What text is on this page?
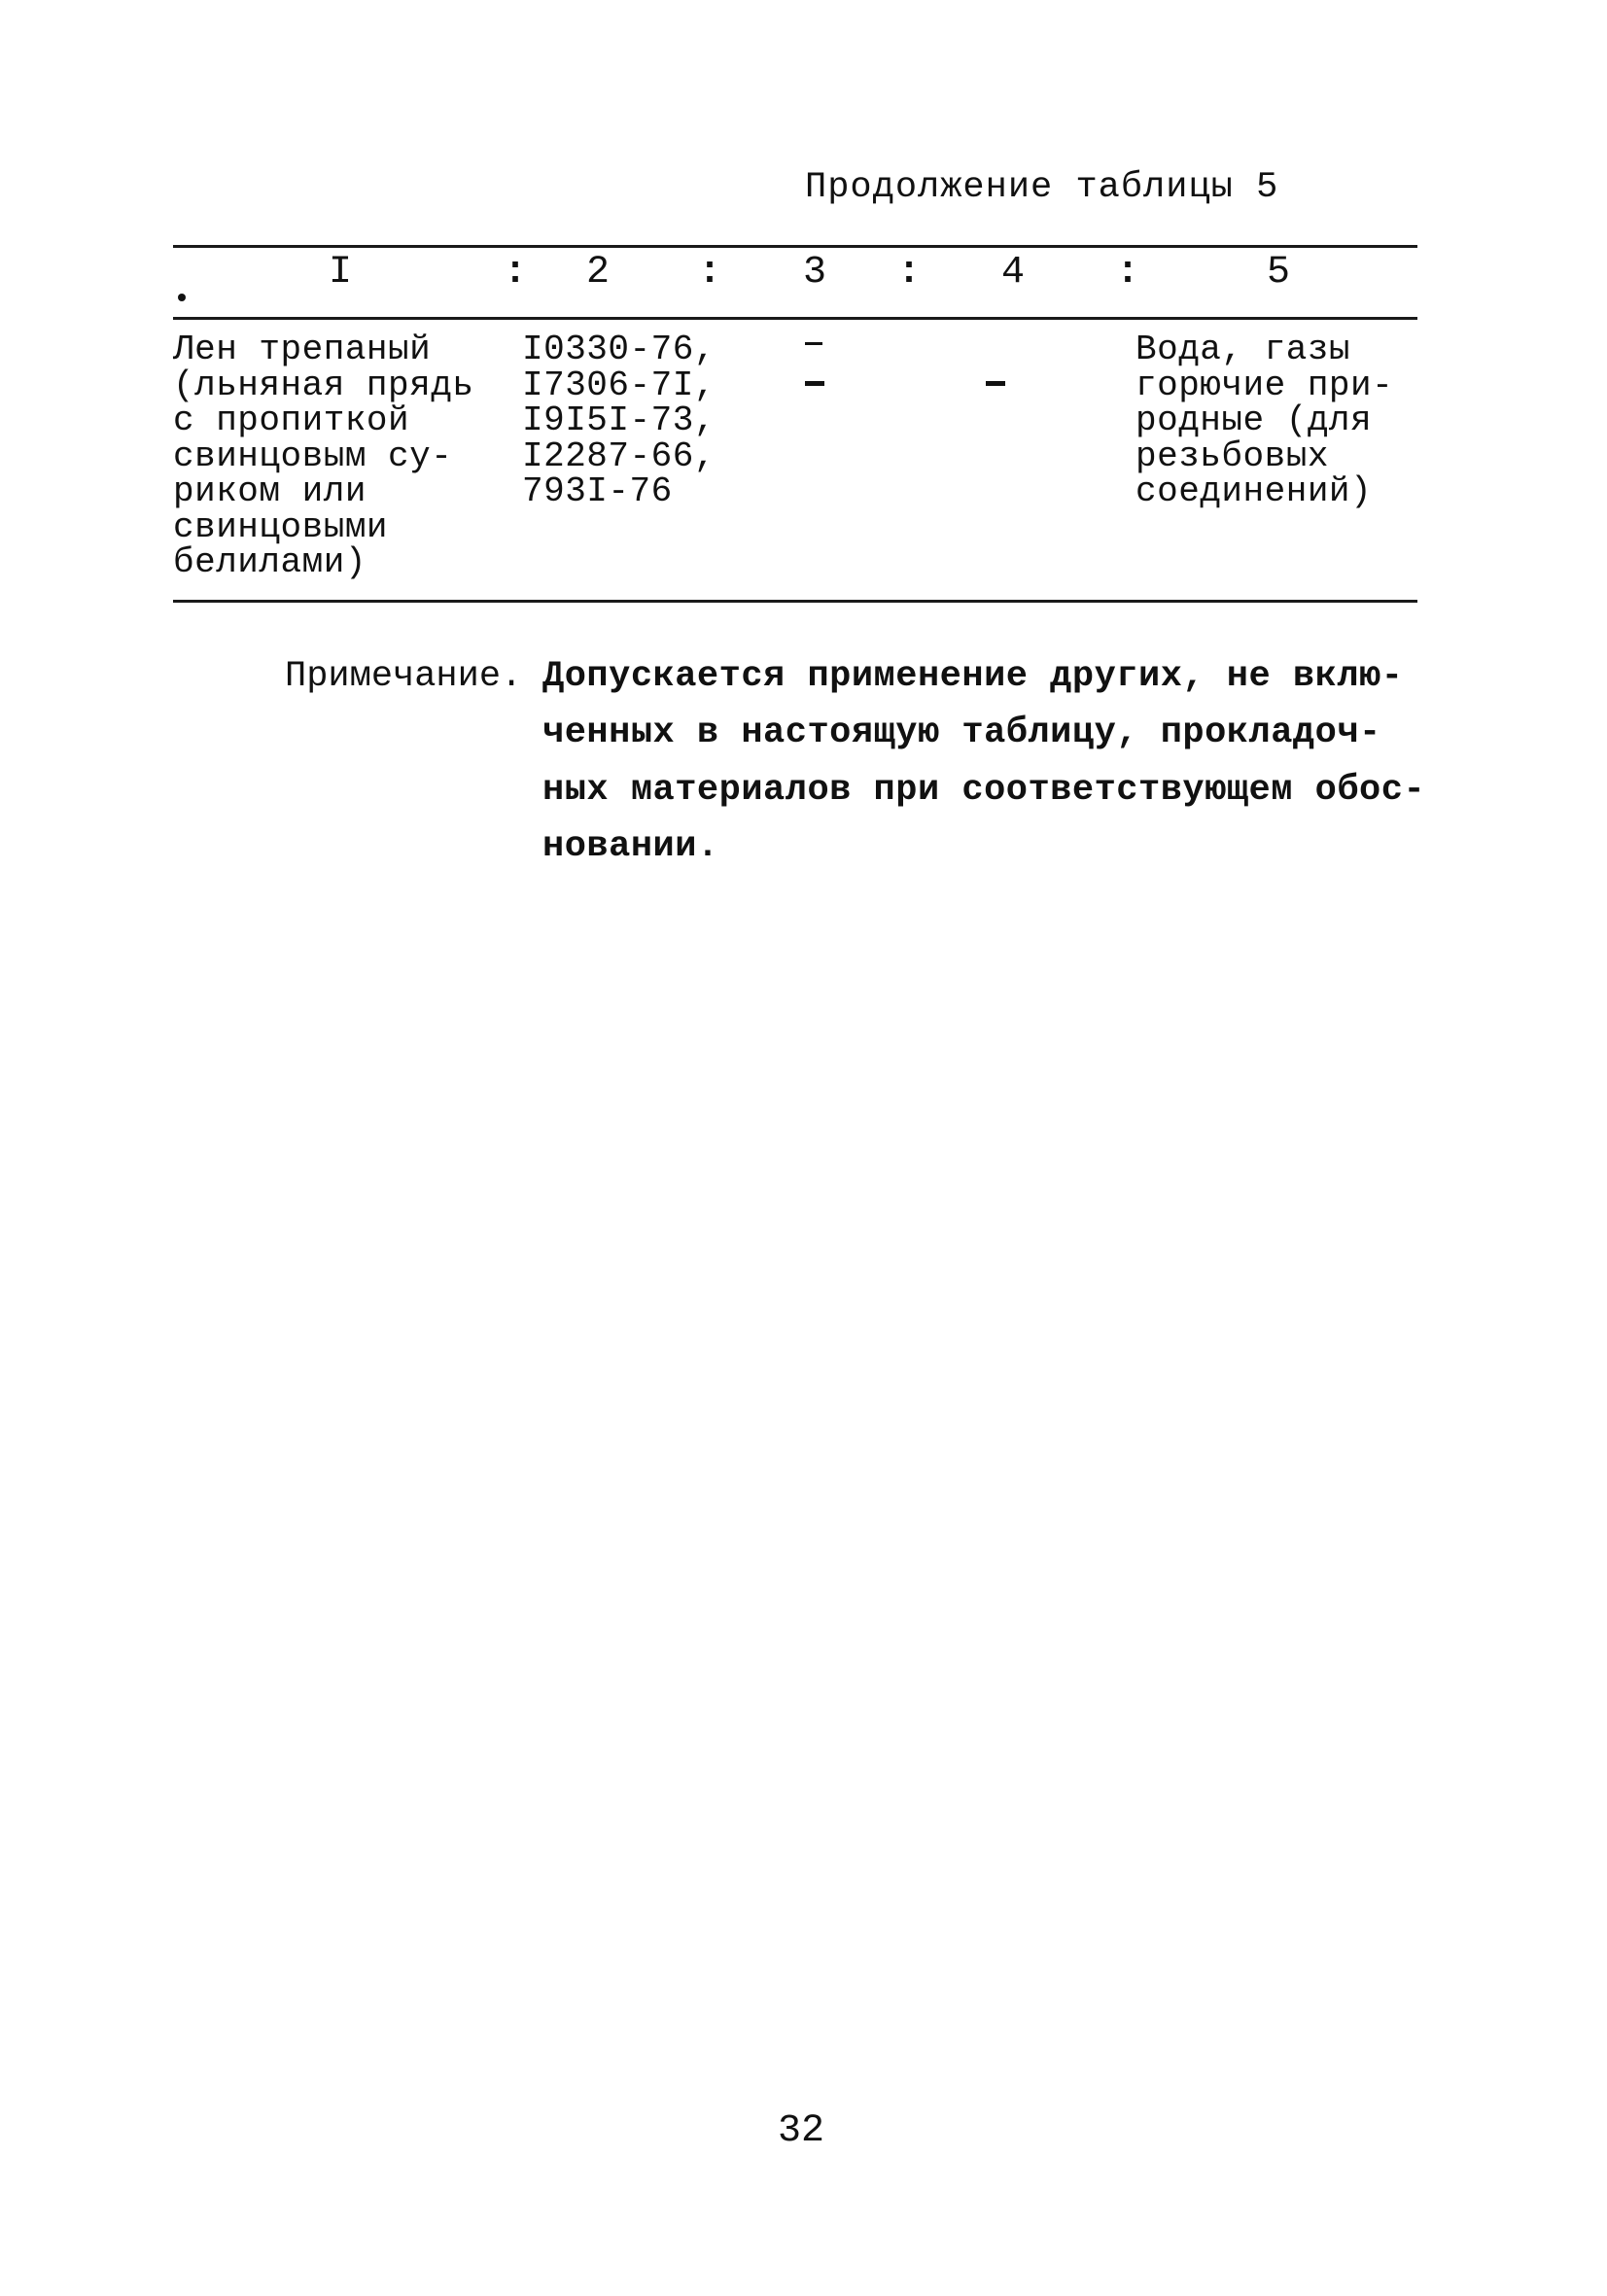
Продолжение таблицы 5
I	: 2 : 3 : 4 :	5
Лен трепаный
(льняная прядь
с пропиткой
свинцовым су-
риком или
свинцовыми
белилами)
I0330-76,
I7306-7I,
I9I5I-73,
I2287-66,
793I-76
Вода, газы
горючие при-
родные (для
резьбовых
соединений)
Примечание. Допускается применение других, не вклю-
ченных в настоящую таблицу, прокладоч-
ных материалов при соответствующем обос-
новании.
32
